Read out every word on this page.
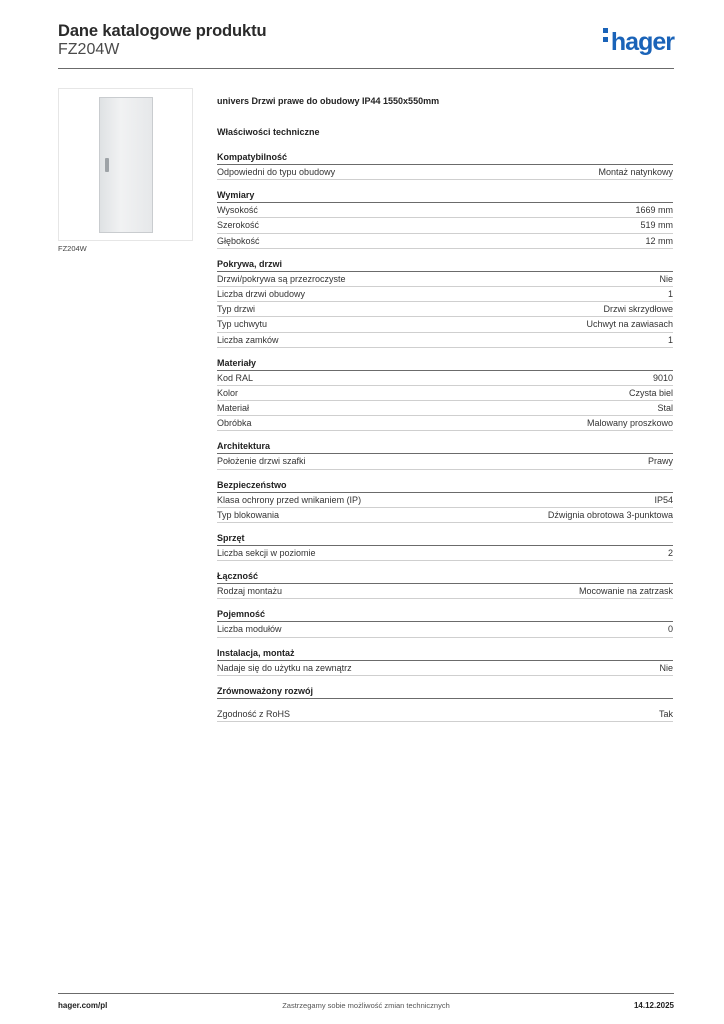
Dane katalogowe produktu
FZ204W	hager
FZ204W
univers Drzwi prawe do obudowy IP44 1550x550mm
Właściwości techniczne
Kompatybilność
Odpowiedni do typu obudowy	Montaż natynkowy
Wymiary
Wysokość	1669 mm
Szerokość	519 mm
Głębokość	12 mm
Pokrywa, drzwi
Drzwi/pokrywa są przezroczyste	Nie
Liczba drzwi obudowy	1
Typ drzwi	Drzwi skrzydłowe
Typ uchwytu	Uchwyt na zawiasach
Liczba zamków	1
Materiały
Kod RAL	9010
Kolor	Czysta biel
Materiał	Stal
Obróbka	Malowany proszkowo
Architektura
Położenie drzwi szafki	Prawy
Bezpieczeństwo
Klasa ochrony przed wnikaniem (IP)	IP54
Typ blokowania	Dźwignia obrotowa 3-punktowa
Sprzęt
Liczba sekcji w poziomie	2
Łączność
Rodzaj montażu	Mocowanie na zatrzask
Pojemność
Liczba modułów	0
Instalacja, montaż
Nadaje się do użytku na zewnątrz	Nie
Zrównoważony rozwój
Zgodność z RoHS	Tak
hager.com/pl	Zastrzegamy sobie możliwość zmian technicznych	14.12.2025
